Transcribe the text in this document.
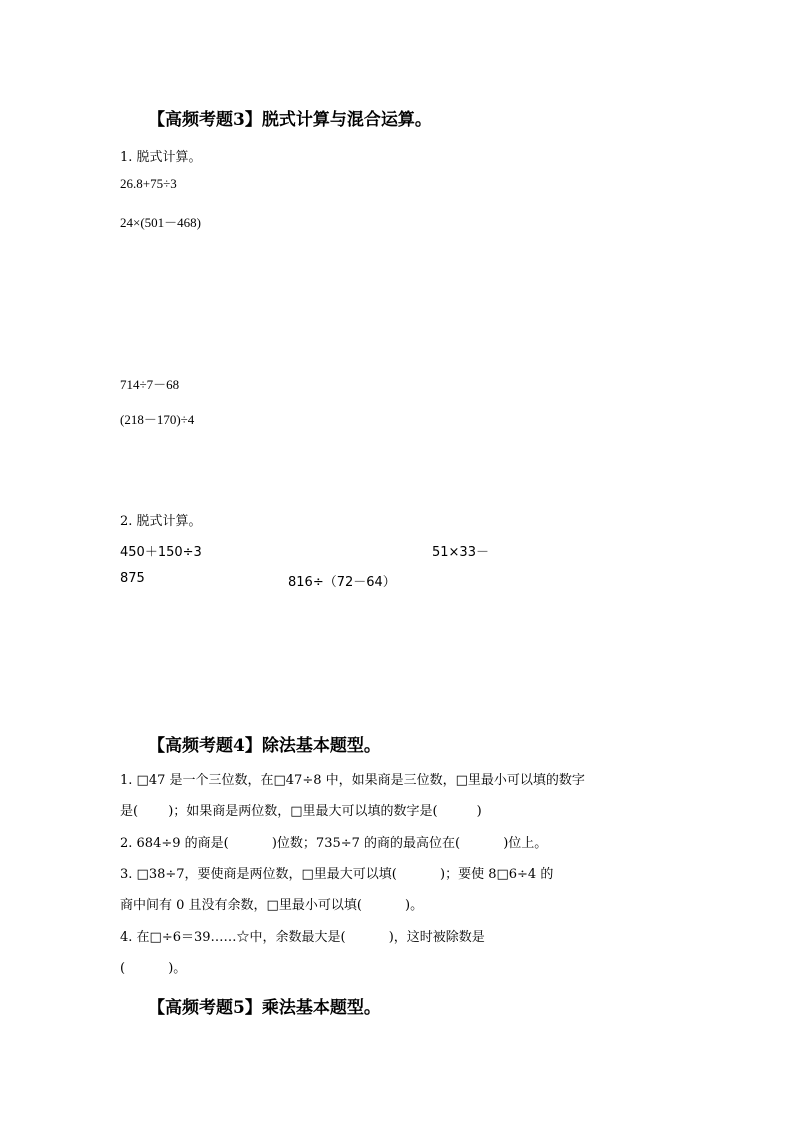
【高频考题3】脱式计算与混合运算。
1. 脱式计算。
26.8+75÷3
24×(501－468)
714÷7－68
(218－170)÷4
2. 脱式计算。
450＋150÷3	51×33－
875	816÷（72－64）
【高频考题4】除法基本题型。
1. □47 是一个三位数，在□47÷8 中，如果商是三位数，□里最小可以填的数字
是(　　 )；如果商是两位数，□里最大可以填的数字是(　　　)
2. 684÷9 的商是(　　　 )位数；735÷7 的商的最高位在(　　　 )位上。
3. □38÷7，要使商是两位数，□里最大可以填(　　　 )；要使 8□6÷4 的
商中间有 0 且没有余数，□里最小可以填(　　　 )。
4. 在□÷6＝39……☆中，余数最大是(　　　 )，这时被除数是
(　　　 )。
【高频考题5】乘法基本题型。
